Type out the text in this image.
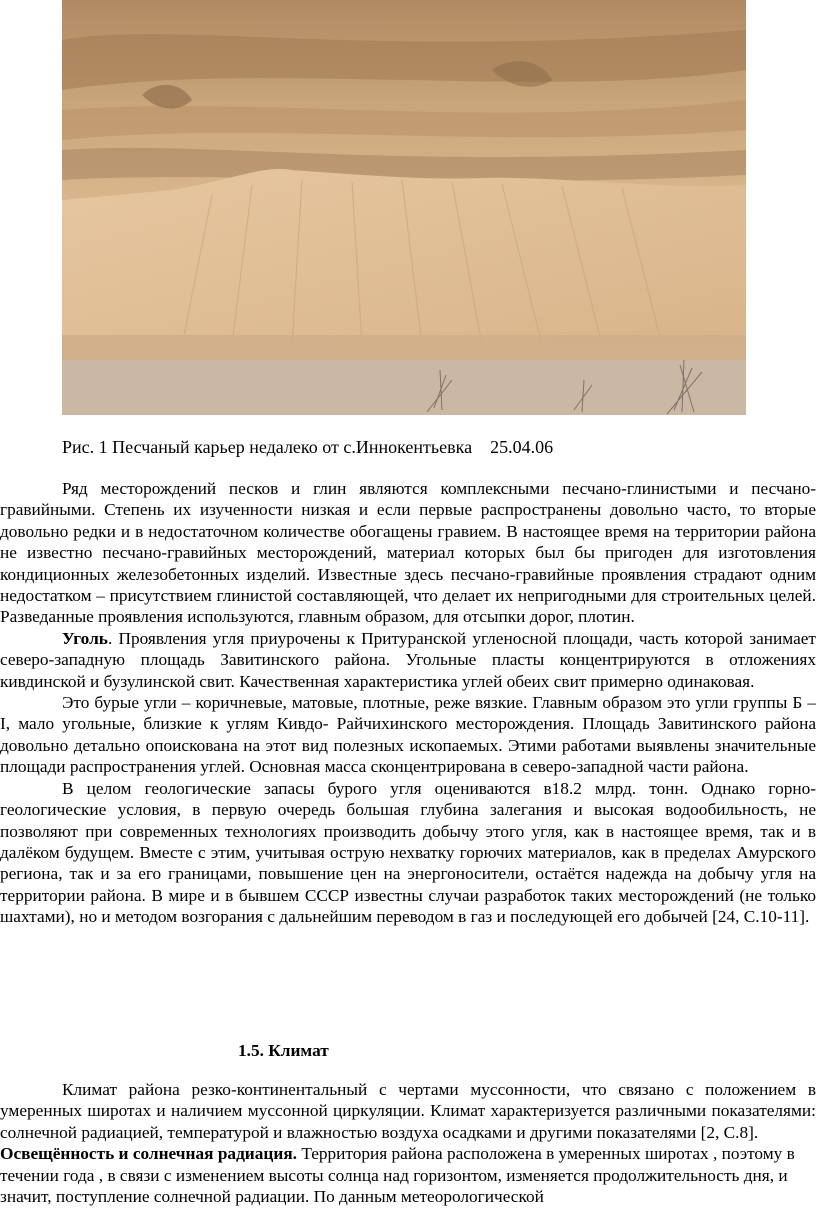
Рис. 1 Песчаный карьер недалеко от с.Иннокентьевка 25.04.06

Ряд месторождений песков и глин являются комплексными песчано-глинистыми и песчано-гравийными. Степень их изученности низкая и если первые распространены довольно часто, то вторые довольно редки и в недостаточном количестве обогащены гравием. В настоящее время на территории района не известно песчано-гравийных месторождений, материал которых был бы пригоден для изготовления кондиционных железобетонных изделий. Известные здесь песчано-гравийные проявления страдают одним недостатком – присутствием глинистой составляющей, что делает их непригодными для строительных целей. Разведанные проявления используются, главным образом, для отсыпки дорог, плотин.

Уголь. Проявления угля приурочены к Притуранской угленосной площади, часть которой занимает северо-западную площадь Завитинского района. Угольные пласты концентрируются в отложениях кивдинской и бузулинской свит. Качественная характеристика углей обеих свит примерно одинаковая.

Это бурые угли – коричневые, матовые, плотные, реже вязкие. Главным образом это угли группы Б – I, мало угольные, близкие к углям Кивдо- Райчихинского месторождения. Площадь Завитинского района довольно детально опоискована на этот вид полезных ископаемых. Этими работами выявлены значительные площади распространения углей. Основная масса сконцентрирована в северо-западной части района.

В целом геологические запасы бурого угля оцениваются в18.2 млрд. тонн. Однако горно-геологические условия, в первую очередь большая глубина залегания и высокая водообильность, не позволяют при современных технологиях производить добычу этого угля, как в настоящее время, так и в далёком будущем. Вместе с этим, учитывая острую нехватку горючих материалов, как в пределах Амурского региона, так и за его границами, повышение цен на энергоносители, остаётся надежда на добычу угля на территории района. В мире и в бывшем СССР известны случаи разработок таких месторождений (не только шахтами), но и методом возгорания с дальнейшим переводом в газ и последующей его добычей [24, С.10-11].

1.5. Климат

Климат района резко-континентальный с чертами муссонности, что связано с положением в умеренных широтах и наличием муссонной циркуляции. Климат характеризуется различными показателями: солнечной радиацией, температурой и влажностью воздуха осадками и другими показателями [2, С.8].

Освещённость и солнечная радиация. Территория района расположена в умеренных широтах , поэтому в течении года , в связи с изменением высоты солнца над горизонтом, изменяется продолжительность дня, и значит, поступление солнечной радиации. По данным метеорологической
